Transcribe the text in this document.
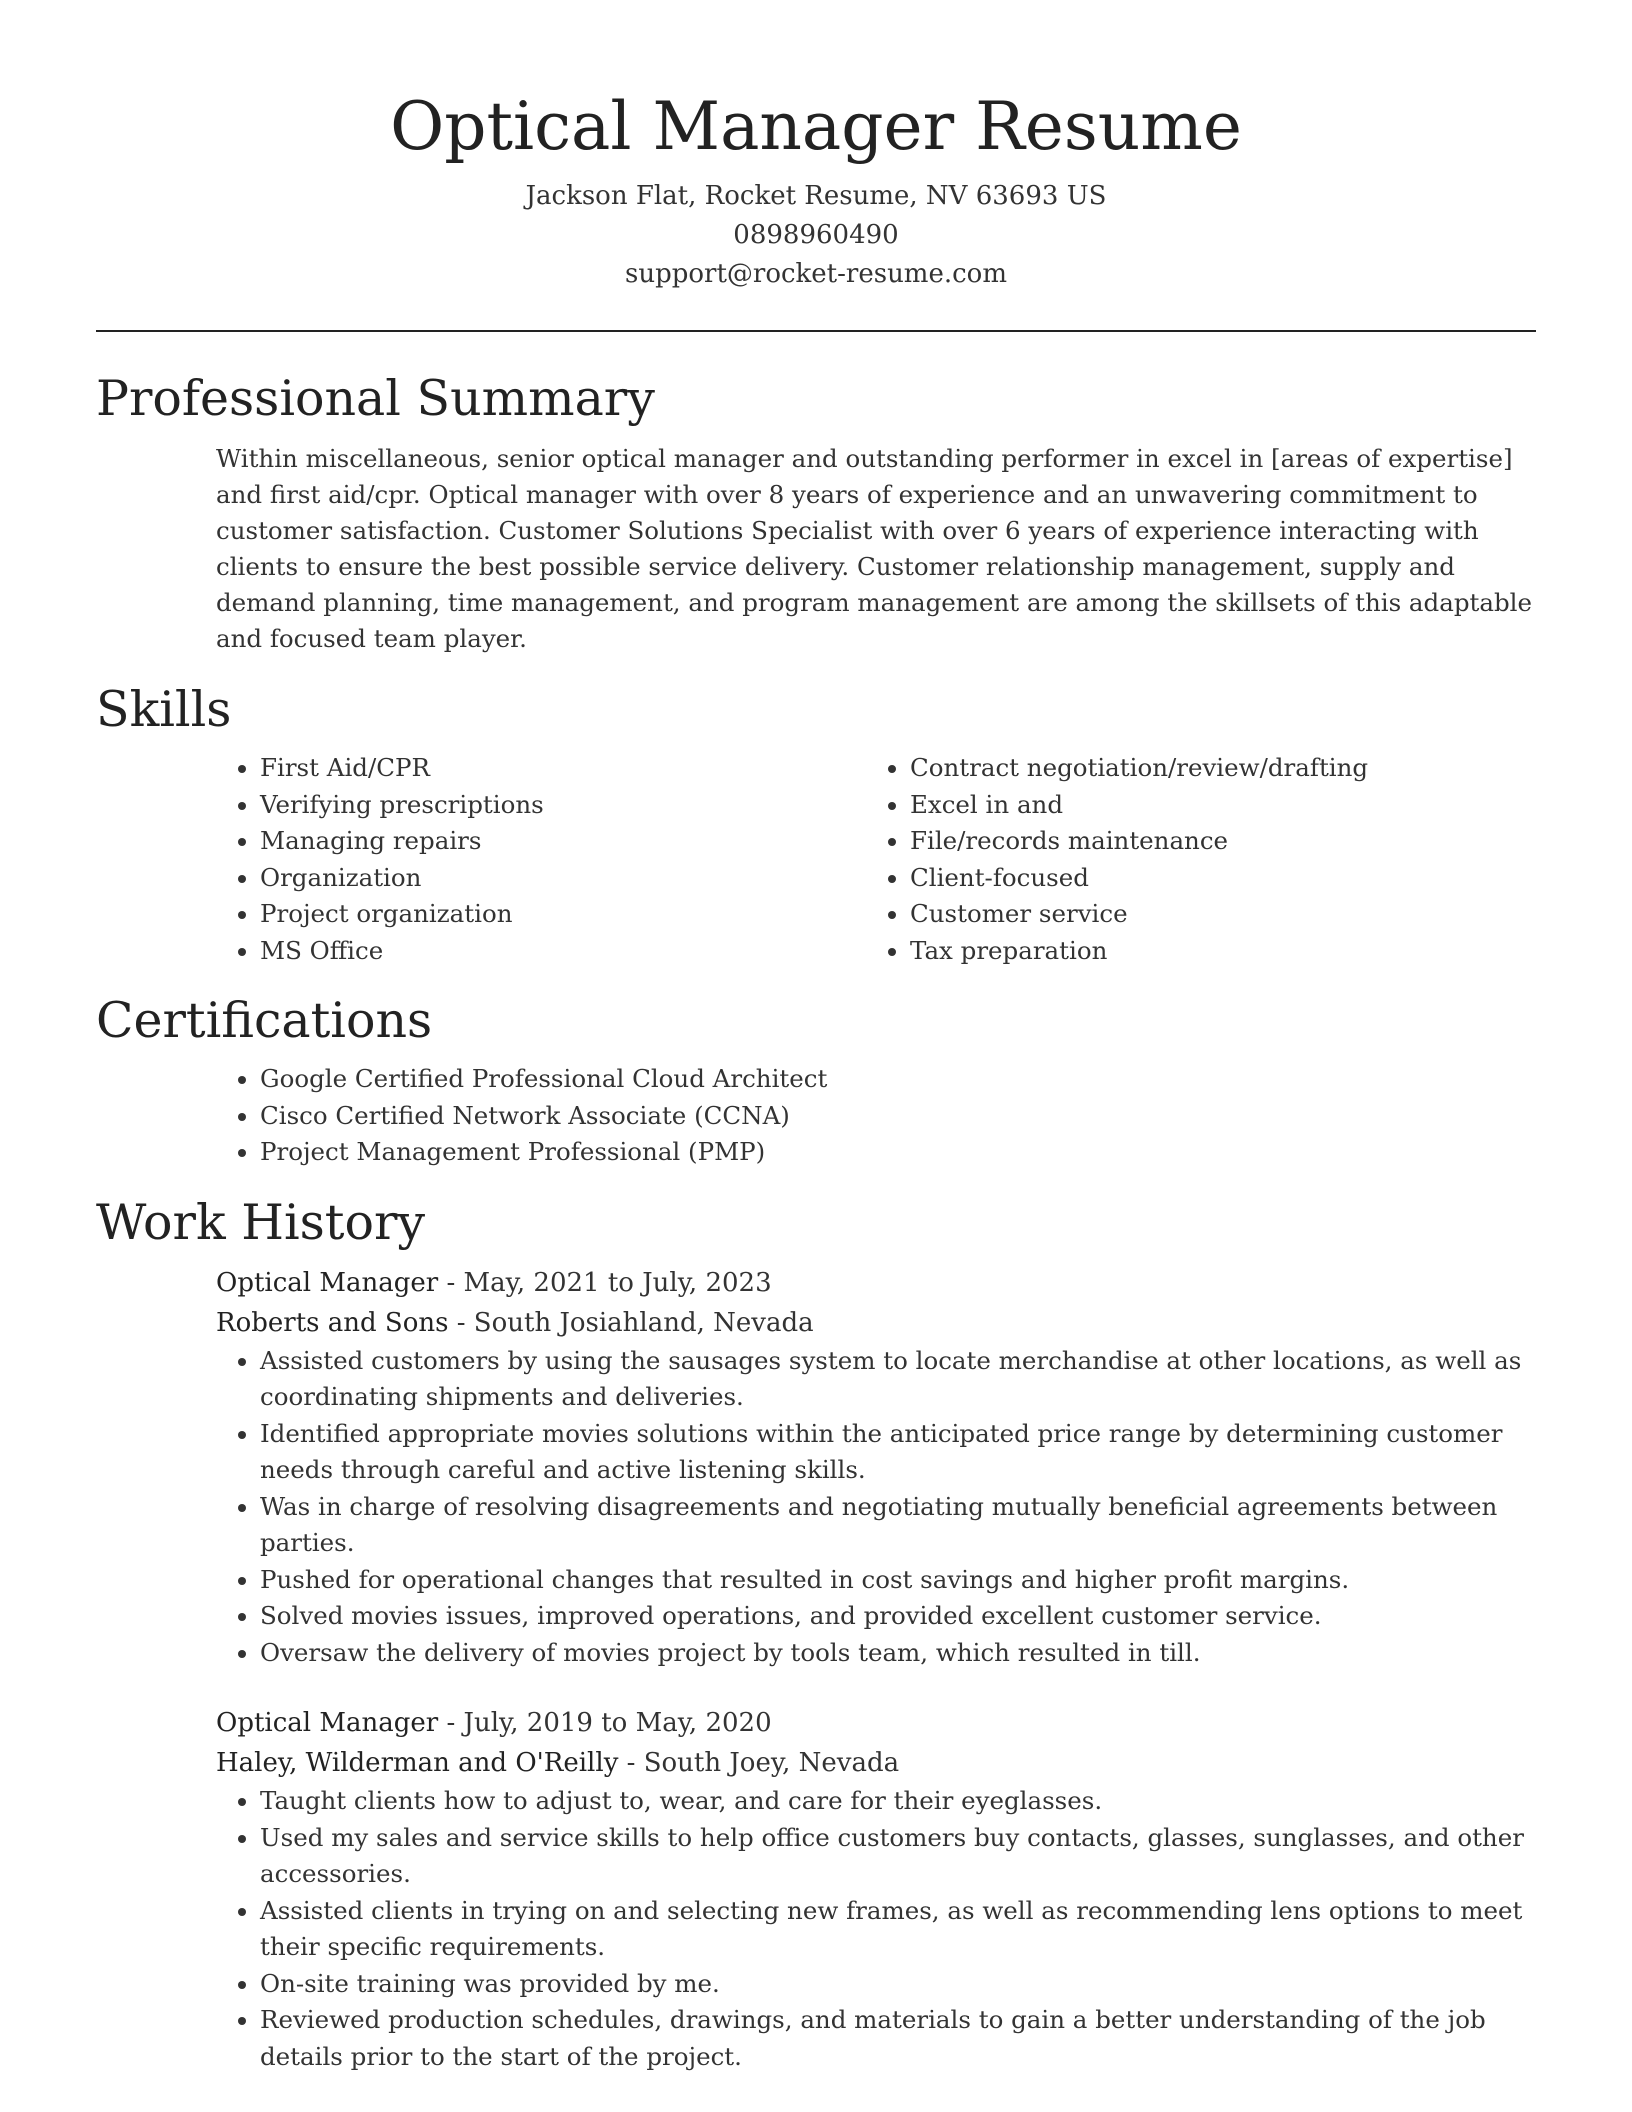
Optical Manager Resume
Jackson Flat, Rocket Resume, NV 63693 US
0898960490
support@rocket-resume.com
Professional Summary

Within miscellaneous, senior optical manager and outstanding performer in excel in [areas of expertise] and first aid/cpr. Optical manager with over 8 years of experience and an unwavering commitment to customer satisfaction. Customer Solutions Specialist with over 6 years of experience interacting with clients to ensure the best possible service delivery. Customer relationship management, supply and demand planning, time management, and program management are among the skillsets of this adaptable and focused team player.

Skills
• First Aid/CPR
• Verifying prescriptions
• Managing repairs
• Organization
• Project organization
• MS Office
• Contract negotiation/review/drafting
• Excel in and
• File/records maintenance
• Client-focused
• Customer service
• Tax preparation
Certifications
• Google Certified Professional Cloud Architect
• Cisco Certified Network Associate (CCNA)
• Project Management Professional (PMP)
Work History
Optical Manager - May, 2021 to July, 2023
Roberts and Sons - South Josiahland, Nevada
• Assisted customers by using the sausages system to locate merchandise at other locations, as well as coordinating shipments and deliveries.
• Identified appropriate movies solutions within the anticipated price range by determining customer needs through careful and active listening skills.
• Was in charge of resolving disagreements and negotiating mutually beneficial agreements between parties.
• Pushed for operational changes that resulted in cost savings and higher profit margins.
• Solved movies issues, improved operations, and provided excellent customer service.
• Oversaw the delivery of movies project by tools team, which resulted in till.
Optical Manager - July, 2019 to May, 2020
Haley, Wilderman and O'Reilly - South Joey, Nevada
• Taught clients how to adjust to, wear, and care for their eyeglasses.
• Used my sales and service skills to help office customers buy contacts, glasses, sunglasses, and other accessories.
• Assisted clients in trying on and selecting new frames, as well as recommending lens options to meet their specific requirements.
• On-site training was provided by me.
• Reviewed production schedules, drawings, and materials to gain a better understanding of the job details prior to the start of the project.
